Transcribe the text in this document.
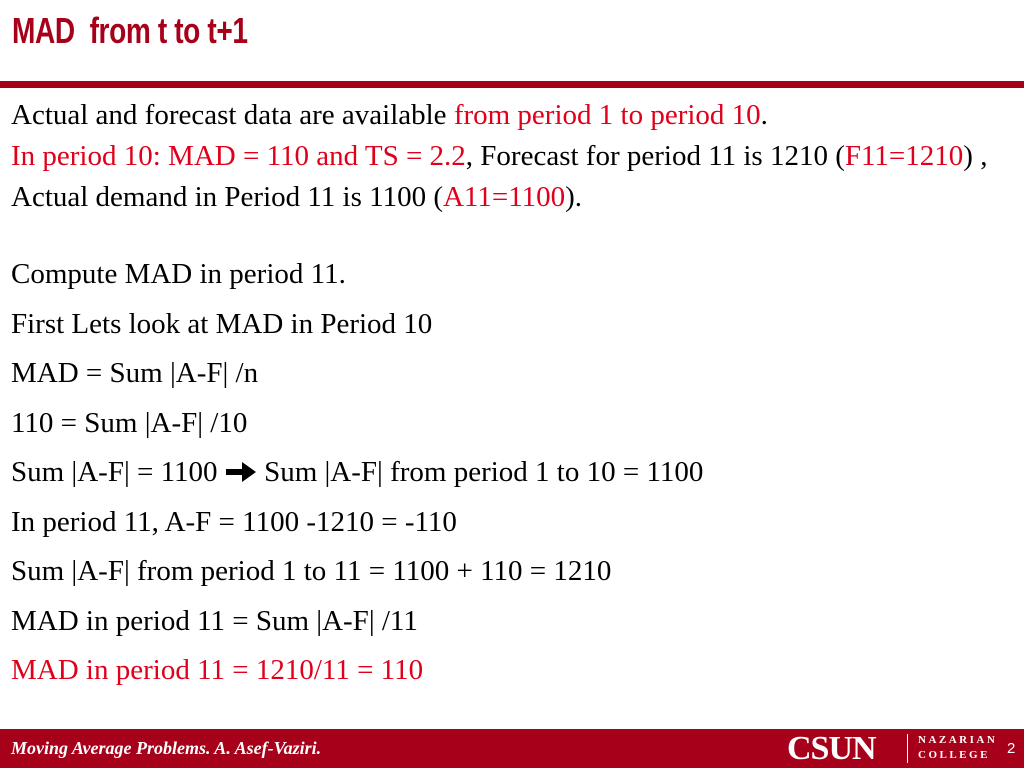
MAD  from t to t+1
Actual and forecast data are available from period 1 to period 10.
In period 10: MAD = 110 and TS = 2.2, Forecast for period 11 is 1210 (F11=1210) , Actual demand in Period 11 is 1100 (A11=1100).
Compute MAD in period 11.
First Lets look at MAD in Period 10
MAD = Sum |A-F| /n
110 = Sum |A-F| /10
Sum |A-F| = 1100  Sum |A-F| from period 1 to 10 = 1100
In period 11, A-F = 1100 -1210 = -110
Sum |A-F| from period 1 to 11 = 1100 + 110 = 1210
MAD in period 11 = Sum |A-F| /11
MAD in period 11 = 1210/11 = 110
Moving Average Problems. A. Asef-Vaziri.	CSUN	NAZARIAN
COLLEGE 2
